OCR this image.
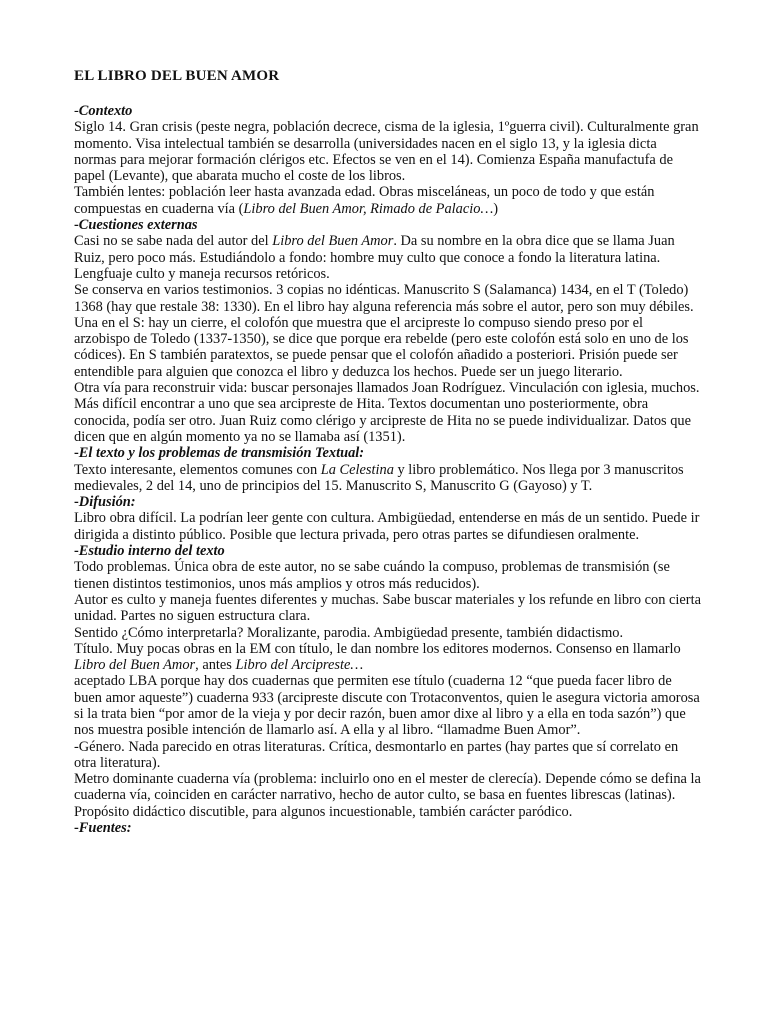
EL LIBRO DEL BUEN AMOR

-Contexto

Siglo 14. Gran crisis (peste negra, población decrece, cisma de la iglesia, 1ºguerra civil). Culturalmente gran momento. Visa intelectual también se desarrolla (universidades nacen en el siglo 13, y la iglesia dicta normas para mejorar formación clérigos etc. Efectos se ven en el 14). Comienza España manufactufa de papel (Levante), que abarata mucho el coste de los libros.

También lentes: población leer hasta avanzada edad. Obras misceláneas, un poco de todo y que están compuestas en cuaderna vía (Libro del Buen Amor, Rimado de Palacio…)

-Cuestiones externas

Casi no se sabe nada del autor del Libro del Buen Amor. Da su nombre en la obra dice que se llama Juan Ruiz, pero poco más. Estudiándolo a fondo: hombre muy culto que conoce a fondo la literatura latina. Lengfuaje culto y maneja recursos retóricos.

Se conserva en varios testimonios. 3 copias no idénticas. Manuscrito S (Salamanca) 1434, en el T (Toledo) 1368 (hay que restale 38: 1330). En el libro hay alguna referencia más sobre el autor, pero son muy débiles. Una en el S: hay un cierre, el colofón que muestra que el arcipreste lo compuso siendo preso por el arzobispo de Toledo (1337-1350), se dice que porque era rebelde (pero este colofón está solo en uno de los códices). En S también paratextos, se puede pensar que el colofón añadido a posteriori. Prisión puede ser entendible para alguien que conozca el libro y deduzca los hechos. Puede ser un juego literario.

Otra vía para reconstruir vida: buscar personajes llamados Joan Rodríguez. Vinculación con iglesia, muchos. Más difícil encontrar a uno que sea arcipreste de Hita. Textos documentan uno posteriormente, obra conocida, podía ser otro. Juan Ruiz como clérigo y arcipreste de Hita no se puede individualizar. Datos que dicen que en algún momento ya no se llamaba así (1351).

-El texto y los problemas de transmisión Textual:

Texto interesante, elementos comunes con La Celestina y libro problemático. Nos llega por 3 manuscritos medievales, 2 del 14, uno de principios del 15. Manuscrito S, Manuscrito G (Gayoso) y T.

-Difusión:

Libro obra difícil. La podrían leer gente con cultura. Ambigüedad, entenderse en más de un sentido. Puede ir dirigida a distinto público. Posible que lectura privada, pero otras partes se difundiesen oralmente.

-Estudio interno del texto

Todo problemas. Única obra de este autor, no se sabe cuándo la compuso, problemas de transmisión (se tienen distintos testimonios, unos más amplios y otros más reducidos).

Autor es culto y maneja fuentes diferentes y muchas. Sabe buscar materiales y los refunde en libro con cierta unidad. Partes no siguen estructura clara.

Sentido ¿Cómo interpretarla? Moralizante, parodia. Ambigüedad presente, también didactismo.

Título. Muy pocas obras en la EM con título, le dan nombre los editores modernos. Consenso en llamarlo Libro del Buen Amor, antes Libro del Arcipreste…

aceptado LBA porque hay dos cuadernas que permiten ese título (cuaderna 12 “que pueda facer libro de buen amor aqueste”) cuaderna 933 (arcipreste discute con Trotaconventos, quien le asegura victoria amorosa si la trata bien “por amor de la vieja y por decir razón, buen amor dixe al libro y a ella en toda sazón”) que nos muestra posible intención de llamarlo así. A ella y al libro. “llamadme Buen Amor”.

-Género. Nada parecido en otras literaturas. Crítica, desmontarlo en partes (hay partes que sí correlato en otra literatura).

Metro dominante cuaderna vía (problema: incluirlo ono en el mester de clerecía). Depende cómo se defina la cuaderna vía, coinciden en carácter narrativo, hecho de autor culto, se basa en fuentes librescas (latinas). Propósito didáctico discutible, para algunos incuestionable, también carácter paródico.

-Fuentes:
